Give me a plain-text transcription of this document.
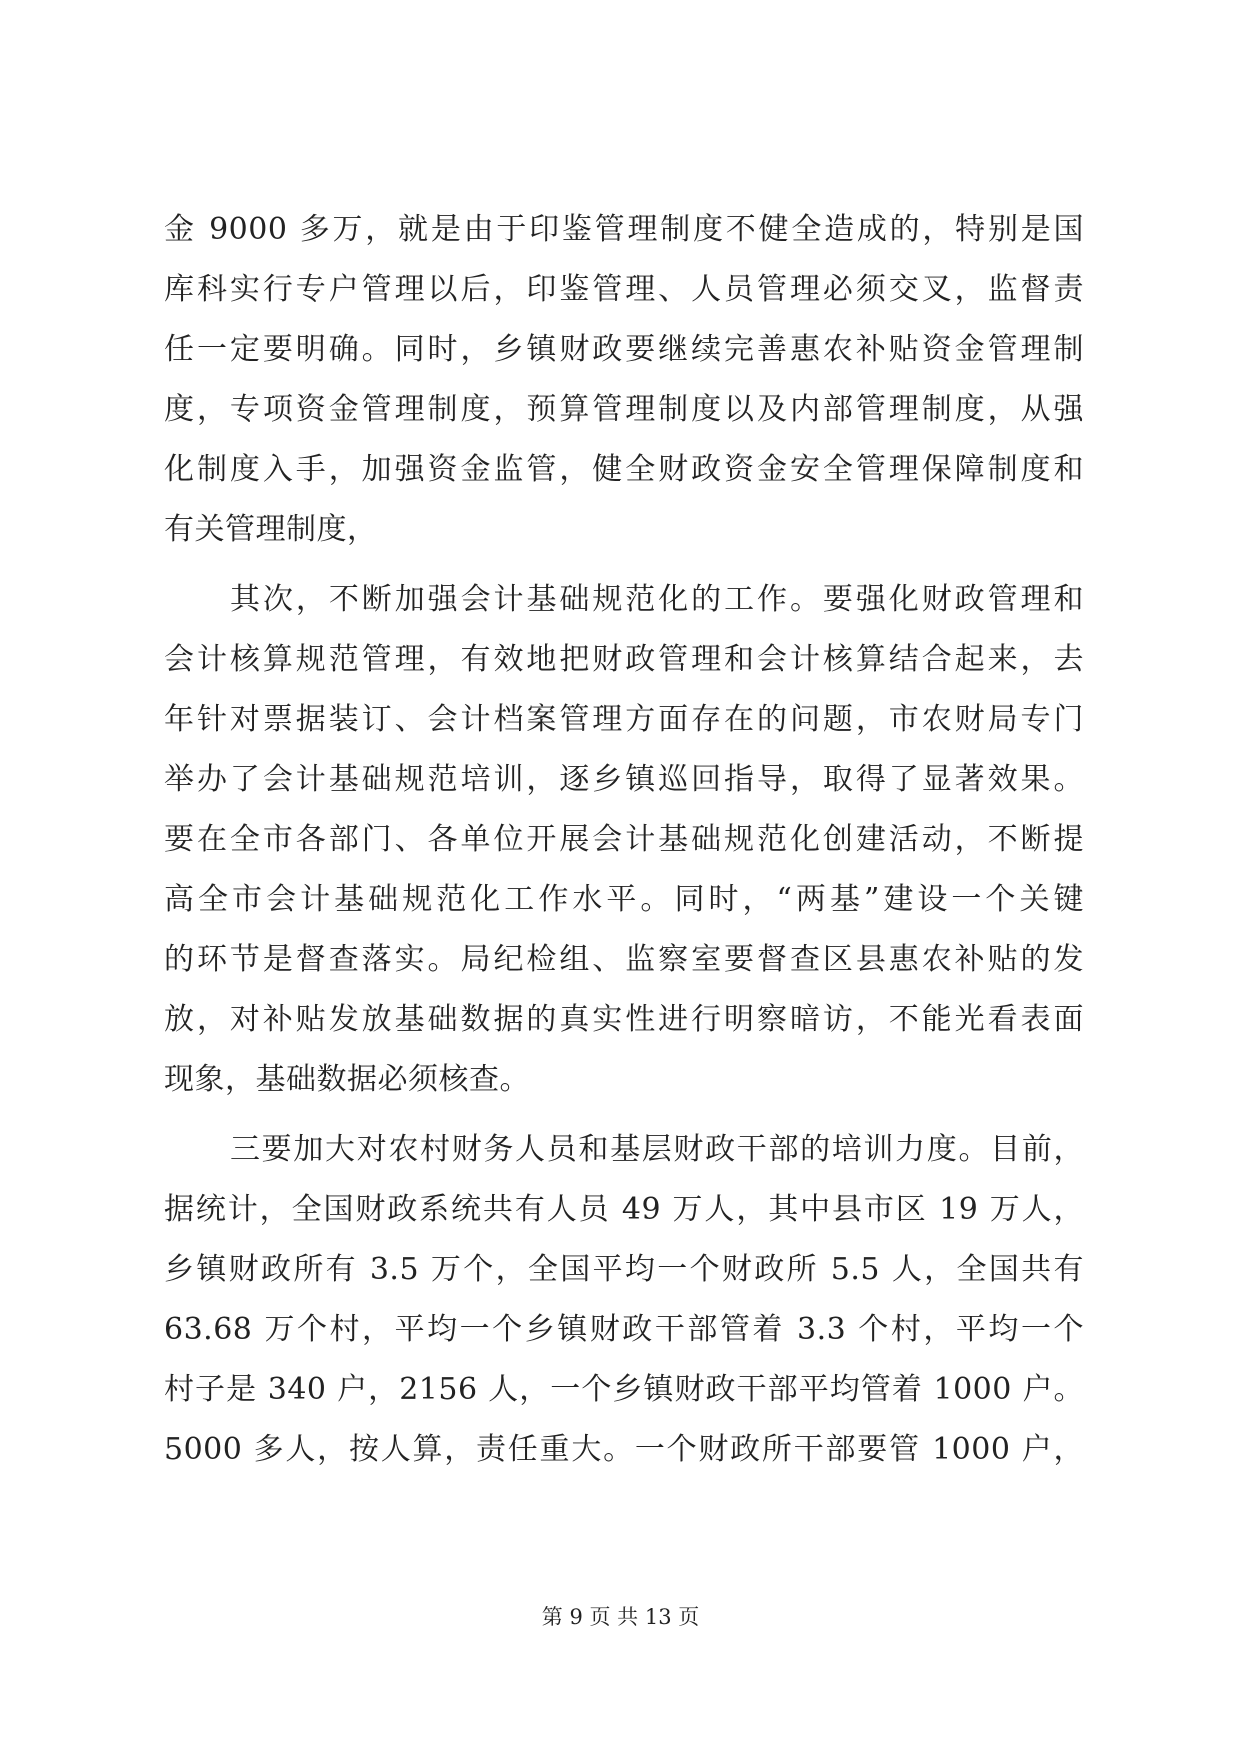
金 9000 多万，就是由于印鉴管理制度不健全造成的，特别是国
库科实行专户管理以后，印鉴管理、人员管理必须交叉，监督责
任一定要明确。同时，乡镇财政要继续完善惠农补贴资金管理制
度，专项资金管理制度，预算管理制度以及内部管理制度，从强
化制度入手，加强资金监管，健全财政资金安全管理保障制度和
有关管理制度，
其次，不断加强会计基础规范化的工作。要强化财政管理和
会计核算规范管理，有效地把财政管理和会计核算结合起来，去
年针对票据装订、会计档案管理方面存在的问题，市农财局专门
举办了会计基础规范培训，逐乡镇巡回指导，取得了显著效果。
要在全市各部门、各单位开展会计基础规范化创建活动，不断提
高全市会计基础规范化工作水平。同时，“两基”建设一个关键
的环节是督查落实。局纪检组、监察室要督查区县惠农补贴的发
放，对补贴发放基础数据的真实性进行明察暗访，不能光看表面
现象，基础数据必须核查。
三要加大对农村财务人员和基层财政干部的培训力度。目前，
据统计，全国财政系统共有人员 49 万人，其中县市区 19 万人，
乡镇财政所有 3.5 万个，全国平均一个财政所 5.5 人，全国共有
63.68 万个村，平均一个乡镇财政干部管着 3.3 个村，平均一个
村子是 340 户，2156 人，一个乡镇财政干部平均管着 1000 户。
5000 多人，按人算，责任重大。一个财政所干部要管 1000 户，
第 9 页 共 13 页
